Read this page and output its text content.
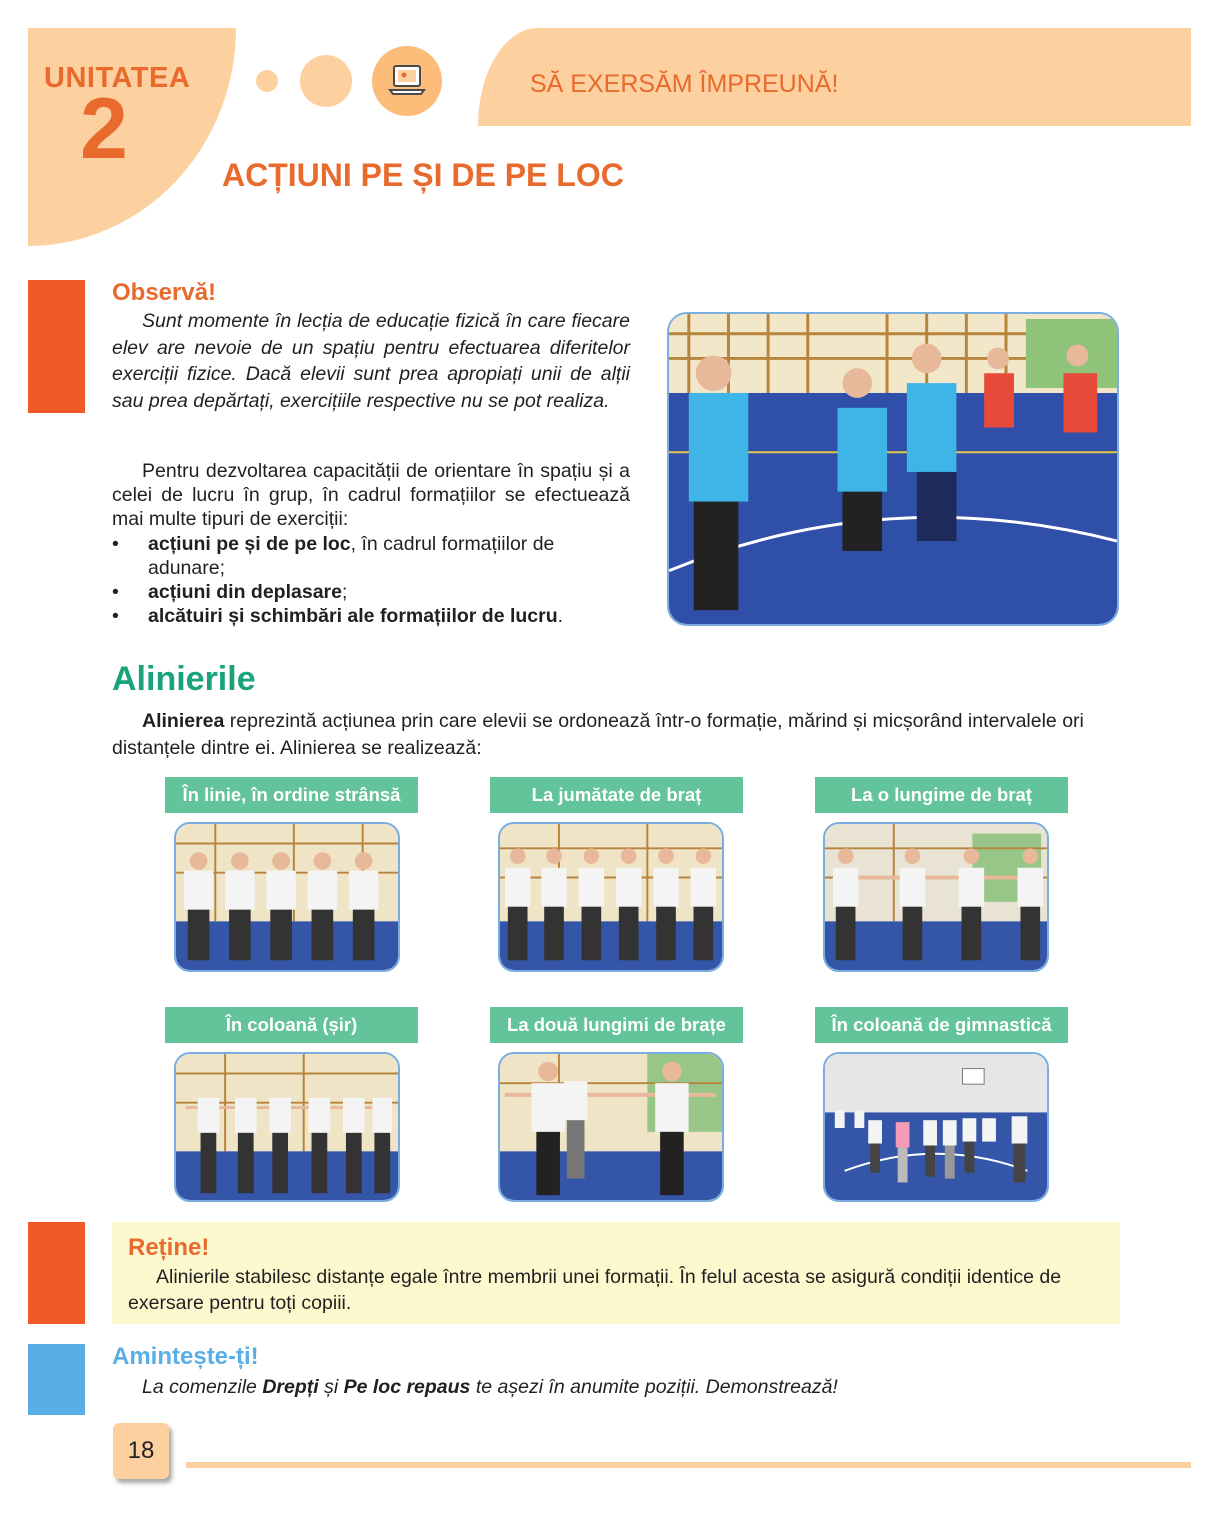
UNITATEA
2	SĂ EXERSĂM ÎMPREUNĂ!
ACȚIUNI PE ȘI DE PE LOC
Observă!
Sunt momente în lecția de educație fizică în care fiecare elev are nevoie de un spațiu pentru efectuarea diferitelor exerciții fizice. Dacă elevii sunt prea apropiați unii de alții sau prea depărtați, exercițiile respective nu se pot realiza.
Pentru dezvoltarea capacității de orientare în spațiu și a celei de lucru în grup, în cadrul formațiilor se efectuează mai multe tipuri de exerciții:
• acțiuni pe și de pe loc, în cadrul formațiilor de adunare;
• acțiuni din deplasare;
• alcătuiri și schimbări ale formațiilor de lucru.
Alinierile
Alinierea reprezintă acțiunea prin care elevii se ordonează într-o formație, mărind și micșorând intervalele ori distanțele dintre ei. Alinierea se realizează:
În linie, în ordine strânsă	La jumătate de braț	La o lungime de braț
În coloană (șir)	La două lungimi de brațe	În coloană de gimnastică
Reține!
Alinierile stabilesc distanțe egale între membrii unei formații. În felul acesta se asigură condiții identice de exersare pentru toți copiii.
Amintește-ți!
La comenzile Drepți și Pe loc repaus te așezi în anumite poziții. Demonstrează!
18
